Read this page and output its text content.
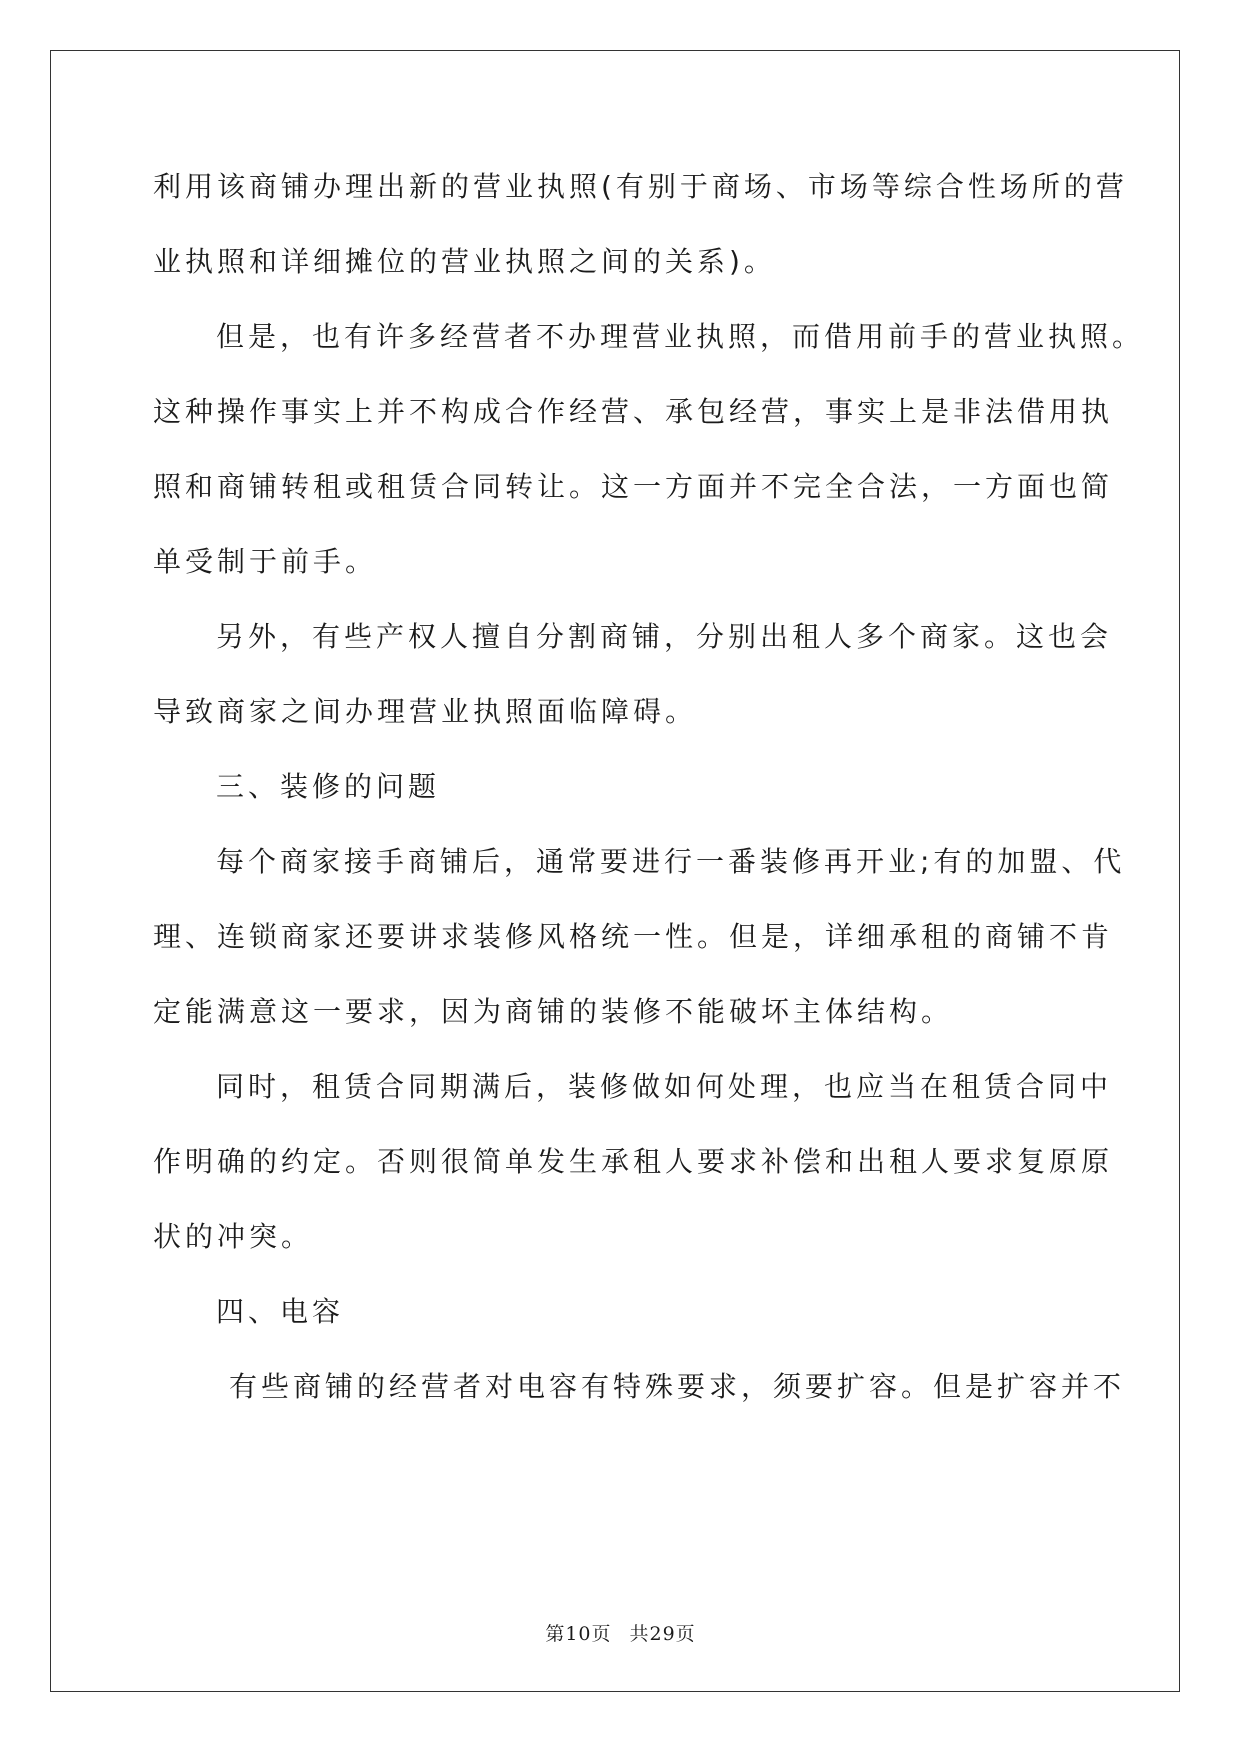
利用该商铺办理出新的营业执照(有别于商场、市场等综合性场所的营

业执照和详细摊位的营业执照之间的关系)。

但是，也有许多经营者不办理营业执照，而借用前手的营业执照。

这种操作事实上并不构成合作经营、承包经营，事实上是非法借用执

照和商铺转租或租赁合同转让。这一方面并不完全合法，一方面也简

单受制于前手。

另外，有些产权人擅自分割商铺，分别出租人多个商家。这也会

导致商家之间办理营业执照面临障碍。

三、装修的问题

每个商家接手商铺后，通常要进行一番装修再开业;有的加盟、代

理、连锁商家还要讲求装修风格统一性。但是，详细承租的商铺不肯

定能满意这一要求，因为商铺的装修不能破坏主体结构。

同时，租赁合同期满后，装修做如何处理，也应当在租赁合同中

作明确的约定。否则很简单发生承租人要求补偿和出租人要求复原原

状的冲突。

四、电容

有些商铺的经营者对电容有特殊要求，须要扩容。但是扩容并不

第10页 共29页
